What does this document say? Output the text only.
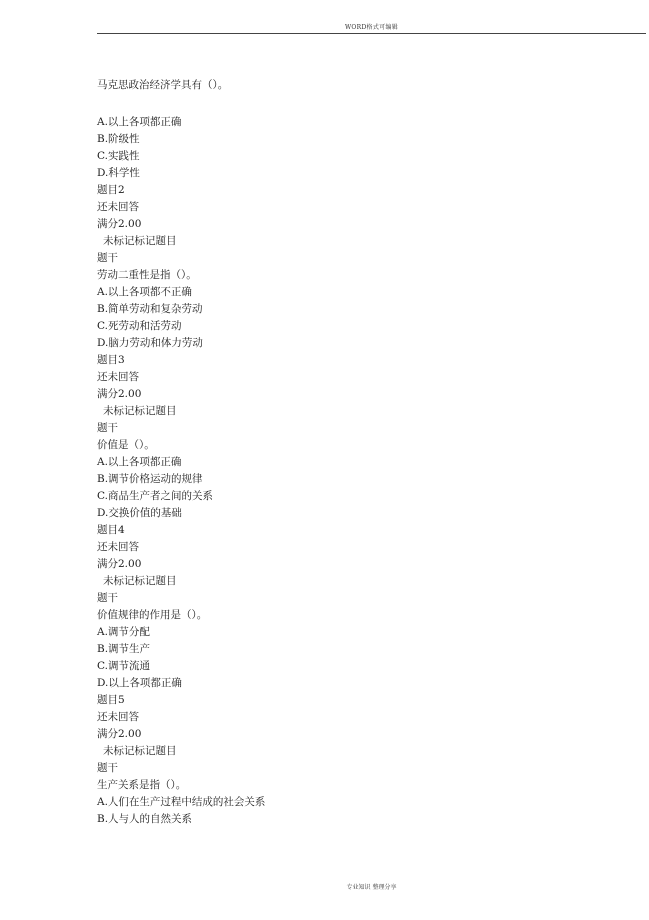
WORD格式可编辑
马克思政治经济学具有（）。
A.以上各项都正确
B.阶级性
C.实践性
D.科学性
题目2
还未回答
满分2.00
未标记标记题目
题干
劳动二重性是指（）。
A.以上各项都不正确
B.简单劳动和复杂劳动
C.死劳动和活劳动
D.脑力劳动和体力劳动
题目3
还未回答
满分2.00
未标记标记题目
题干
价值是（）。
A.以上各项都正确
B.调节价格运动的规律
C.商品生产者之间的关系
D.交换价值的基础
题目4
还未回答
满分2.00
未标记标记题目
题干
价值规律的作用是（）。
A.调节分配
B.调节生产
C.调节流通
D.以上各项都正确
题目5
还未回答
满分2.00
未标记标记题目
题干
生产关系是指（）。
A.人们在生产过程中结成的社会关系
B.人与人的自然关系
专业知识 整理分享
